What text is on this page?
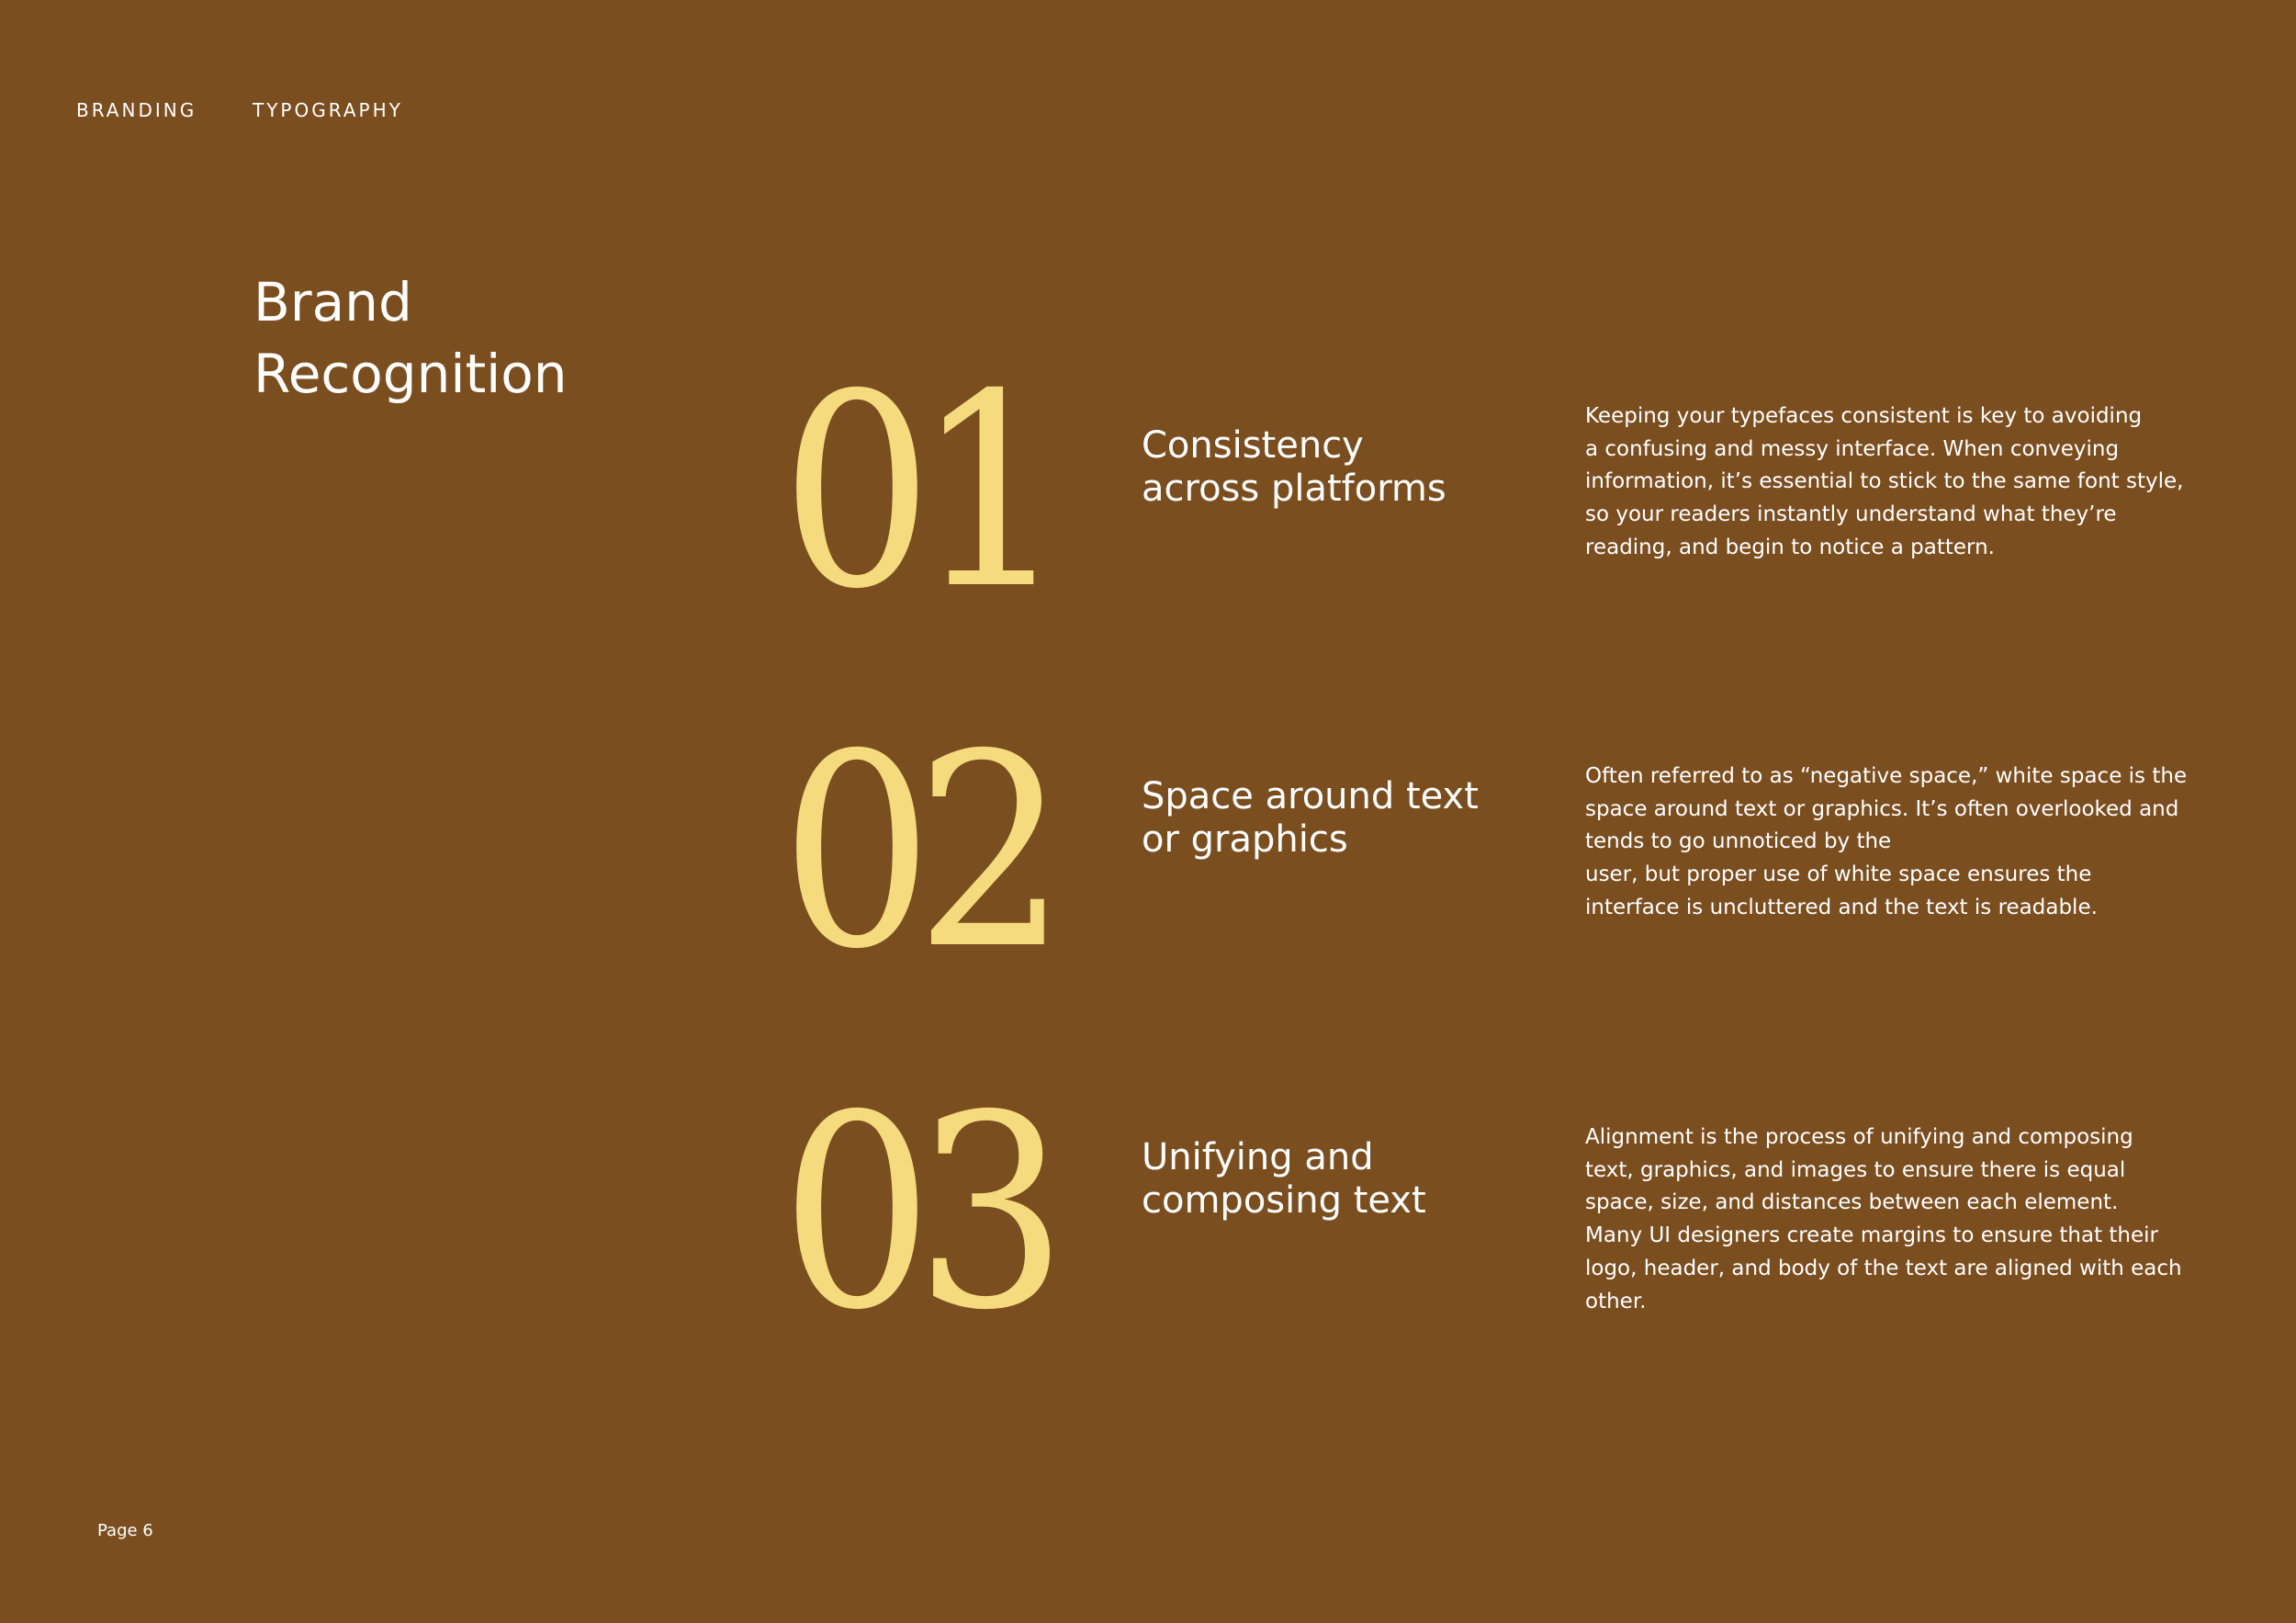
BRANDING	TYPOGRAPHY
Brand
Recognition 01	Consistency
across platforms
Keeping your typefaces consistent is key to avoiding
a confusing and messy interface. When conveying
information, it’s essential to stick to the same font style,
so your readers instantly understand what they’re
reading, and begin to notice a pattern.
02	Space around text
or graphics
Often referred to as “negative space,” white space is the
space around text or graphics. It’s often overlooked and
tends to go unnoticed by the
user, but proper use of white space ensures the
interface is uncluttered and the text is readable.
03	Unifying and
composing text
Alignment is the process of unifying and composing
text, graphics, and images to ensure there is equal
space, size, and distances between each element.
Many UI designers create margins to ensure that their
logo, header, and body of the text are aligned with each
other.
Page 6
